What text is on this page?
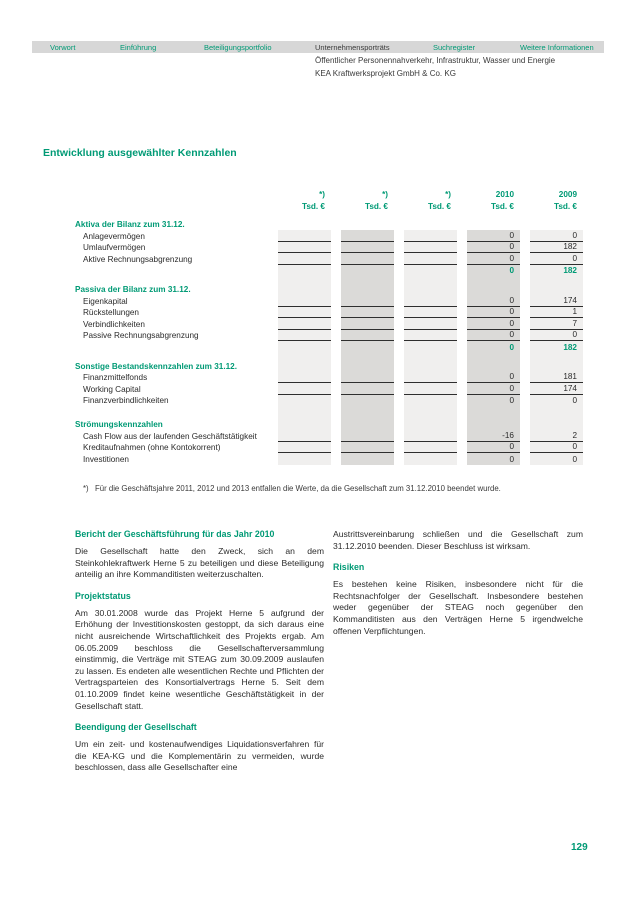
Vorwort	Einführung	Beteiligungsportfolio	Unternehmensporträts	Suchregister	Weitere Informationen
Öffentlicher Personennahverkehr, Infrastruktur, Wasser und Energie
KEA Kraftwerksprojekt GmbH & Co. KG
Entwicklung ausgewählter Kennzahlen
*)	*)	*)	2010	2009
Tsd. €	Tsd. €	Tsd. €	Tsd. €	Tsd. €
Aktiva der Bilanz zum 31.12.
Anlagevermögen	0	0
Umlaufvermögen	0	182
Aktive Rechnungsabgrenzung	0	0
0	182
Passiva der Bilanz zum 31.12.
Eigenkapital	0	174
Rückstellungen	0	1
Verbindlichkeiten	0	7
Passive Rechnungsabgrenzung	0	0
0	182
Sonstige Bestandskennzahlen zum 31.12.
Finanzmittelfonds	0	181
Working Capital	0	174
Finanzverbindlichkeiten	0	0
Strömungskennzahlen
Cash Flow aus der laufenden Geschäftstätigkeit	-16	2
Kreditaufnahmen (ohne Kontokorrent)	0	0
Investitionen	0	0
*) Für die Geschäftsjahre 2011, 2012 und 2013 entfallen die Werte, da die Gesellschaft zum 31.12.2010 beendet wurde.
Bericht der Geschäftsführung für das Jahr 2010

Die Gesellschaft hatte den Zweck, sich an dem Steinkohlekraftwerk Herne 5 zu beteiligen und diese Beteiligung anteilig an ihre Kommanditisten weiterzuschalten.

Projektstatus

Am 30.01.2008 wurde das Projekt Herne 5 aufgrund der Erhöhung der Investitionskosten gestoppt, da sich daraus eine nicht ausreichende Wirtschaftlichkeit des Projekts ergab. Am 06.05.2009 beschloss die Gesellschafterversammlung einstimmig, die Verträge mit STEAG zum 30.09.2009 auslaufen zu lassen. Es endeten alle wesentlichen Rechte und Pflichten der Vertragsparteien des Konsortialvertrags Herne 5. Seit dem 01.10.2009 findet keine wesentliche Geschäftstätigkeit in der Gesellschaft statt.

Beendigung der Gesellschaft

Um ein zeit- und kostenaufwendiges Liquidationsverfahren für die KEA-KG und die Komplementärin zu vermeiden, wurde beschlossen, dass alle Gesellschafter eine

Austrittsvereinbarung schließen und die Gesellschaft zum 31.12.2010 beenden. Dieser Beschluss ist wirksam.

Risiken

Es bestehen keine Risiken, insbesondere nicht für die Rechtsnachfolger der Gesellschaft. Insbesondere bestehen weder gegenüber der STEAG noch gegenüber den Kommanditisten aus den Verträgen Herne 5 irgendwelche offenen Verpflichtungen.

129
